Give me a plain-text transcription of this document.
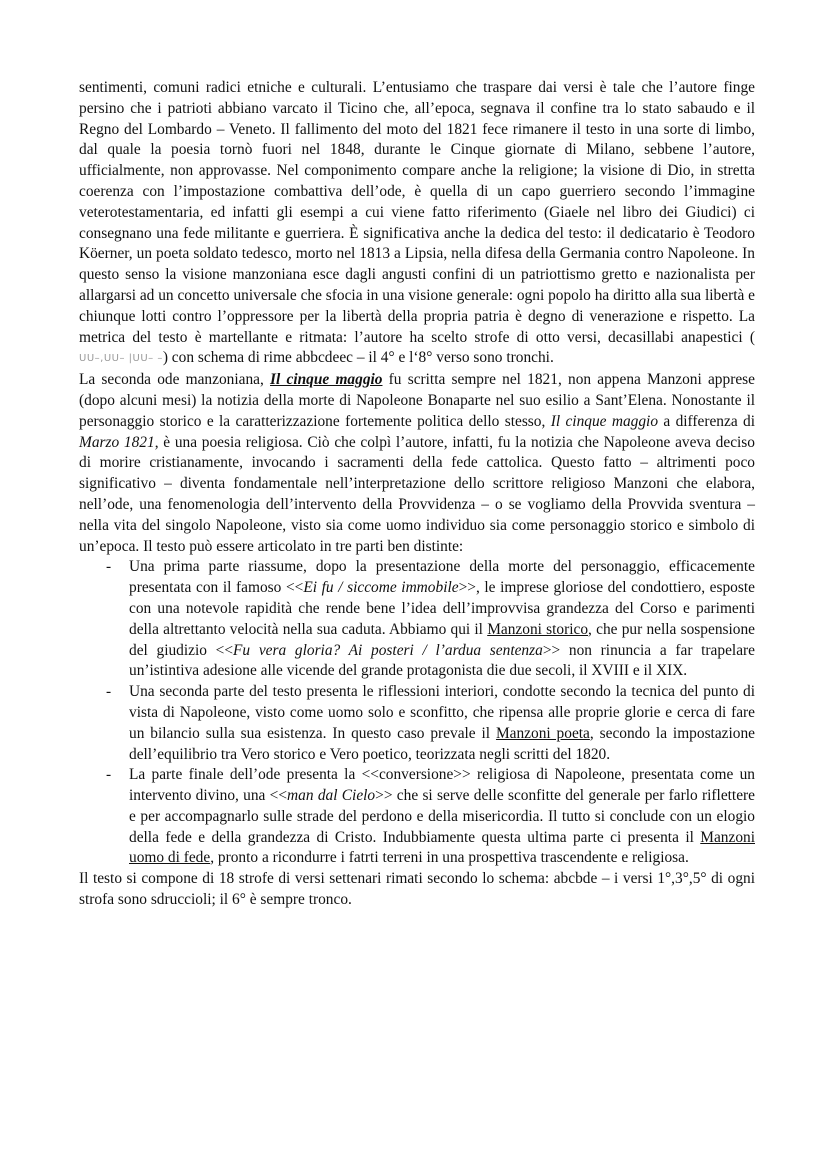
sentimenti, comuni radici etniche e culturali. L’entusiamo che traspare dai versi è tale che l’autore finge persino che i patrioti abbiano varcato il Ticino che, all’epoca, segnava il confine tra lo stato sabaudo e il Regno del Lombardo – Veneto. Il fallimento del moto del 1821 fece rimanere il testo in una sorte di limbo, dal quale la poesia tornò fuori nel 1848, durante le Cinque giornate di Milano, sebbene l’autore, ufficialmente, non approvasse. Nel componimento compare anche la religione; la visione di Dio, in stretta coerenza con l’impostazione combattiva dell’ode, è quella di un capo guerriero secondo l’immagine veterotestamentaria, ed infatti gli esempi a cui viene fatto riferimento (Giaele nel libro dei Giudici) ci consegnano una fede militante e guerriera. È significativa anche la dedica del testo: il dedicatario è Teodoro Köerner, un poeta soldato tedesco, morto nel 1813 a Lipsia, nella difesa della Germania contro Napoleone. In questo senso la visione manzoniana esce dagli angusti confini di un patriottismo gretto e nazionalista per allargarsi ad un concetto universale che sfocia in una visione generale: ogni popolo ha diritto alla sua libertà e chiunque lotti contro l’oppressore per la libertà della propria patria è degno di venerazione e rispetto. La metrica del testo è martellante e ritmata: l’autore ha scelto strofe di otto versi, decasillabi anapestici (UU–,UU– |UU– –) con schema di rime abbcdeec – il 4° e l‘8° verso sono tronchi.

La seconda ode manzoniana, Il cinque maggio fu scritta sempre nel 1821, non appena Manzoni apprese (dopo alcuni mesi) la notizia della morte di Napoleone Bonaparte nel suo esilio a Sant’Elena. Nonostante il personaggio storico e la caratterizzazione fortemente politica dello stesso, Il cinque maggio a differenza di Marzo 1821, è una poesia religiosa. Ciò che colpì l’autore, infatti, fu la notizia che Napoleone aveva deciso di morire cristianamente, invocando i sacramenti della fede cattolica. Questo fatto – altrimenti poco significativo – diventa fondamentale nell’interpretazione dello scrittore religioso Manzoni che elabora, nell’ode, una fenomenologia dell’intervento della Provvidenza – o se vogliamo della Provvida sventura – nella vita del singolo Napoleone, visto sia come uomo individuo sia come personaggio storico e simbolo di un’epoca. Il testo può essere articolato in tre parti ben distinte:

- Una prima parte riassume, dopo la presentazione della morte del personaggio, efficacemente presentata con il famoso <<Ei fu / siccome immobile>>, le imprese gloriose del condottiero, esposte con una notevole rapidità che rende bene l’idea dell’improvvisa grandezza del Corso e parimenti della altrettanto velocità nella sua caduta. Abbiamo qui il Manzoni storico, che pur nella sospensione del giudizio <<Fu vera gloria? Ai posteri / l’ardua sentenza>> non rinuncia a far trapelare un’istintiva adesione alle vicende del grande protagonista die due secoli, il XVIII e il XIX.
- Una seconda parte del testo presenta le riflessioni interiori, condotte secondo la tecnica del punto di vista di Napoleone, visto come uomo solo e sconfitto, che ripensa alle proprie glorie e cerca di fare un bilancio sulla sua esistenza. In questo caso prevale il Manzoni poeta, secondo la impostazione dell’equilibrio tra Vero storico e Vero poetico, teorizzata negli scritti del 1820.
- La parte finale dell’ode presenta la <<conversione>> religiosa di Napoleone, presentata come un intervento divino, una <<man dal Cielo>> che si serve delle sconfitte del generale per farlo riflettere e per accompagnarlo sulle strade del perdono e della misericordia. Il tutto si conclude con un elogio della fede e della grandezza di Cristo. Indubbiamente questa ultima parte ci presenta il Manzoni uomo di fede, pronto a ricondurre i fatrti terreni in una prospettiva trascendente e religiosa.

Il testo si compone di 18 strofe di versi settenari rimati secondo lo schema: abcbde – i versi 1°,3°,5° di ogni strofa sono sdruccioli; il 6° è sempre tronco.
